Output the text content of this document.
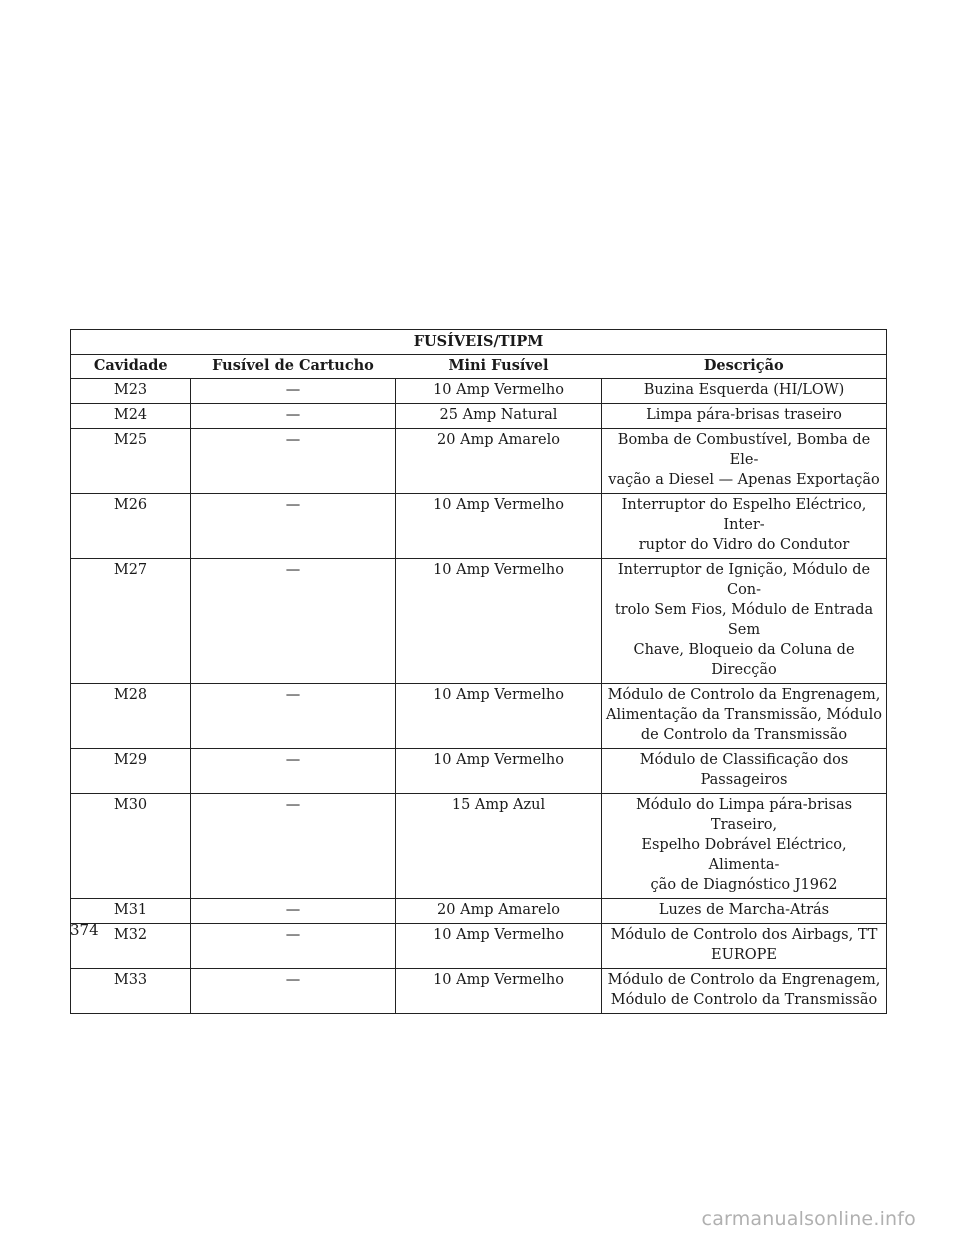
FUSÍVEIS/TIPM			
Cavidade	Fusível de Cartucho	Mini Fusível	Descrição
M23	—	10 Amp Vermelho	Buzina Esquerda (HI/LOW)

M24	—	25 Amp Natural	Limpa pára-brisas traseiro

M25	—	20 Amp Amarelo	Bomba de Combustível, Bomba de Ele-
vação a Diesel — Apenas Exportação

M26	—	10 Amp Vermelho	Interruptor do Espelho Eléctrico, Inter-
ruptor do Vidro do Condutor

M27	—	10 Amp Vermelho	Interruptor de Ignição, Módulo de Con-
trolo Sem Fios, Módulo de Entrada Sem
Chave, Bloqueio da Coluna de Direcção

M28	—	10 Amp Vermelho	Módulo de Controlo da Engrenagem,
Alimentação da Transmissão, Módulo
de Controlo da Transmissão

M29	—	10 Amp Vermelho	Módulo de Classificação dos Passageiros

M30	—	15 Amp Azul	Módulo do Limpa pára-brisas Traseiro,
Espelho Dobrável Eléctrico, Alimenta-
ção de Diagnóstico J1962

M31	—	20 Amp Amarelo	Luzes de Marcha-Atrás

M32	—	10 Amp Vermelho	Módulo de Controlo dos Airbags, TT
EUROPE

M33	—	10 Amp Vermelho	Módulo de Controlo da Engrenagem,
Módulo de Controlo da Transmissão
374
carmanualsonline.info
